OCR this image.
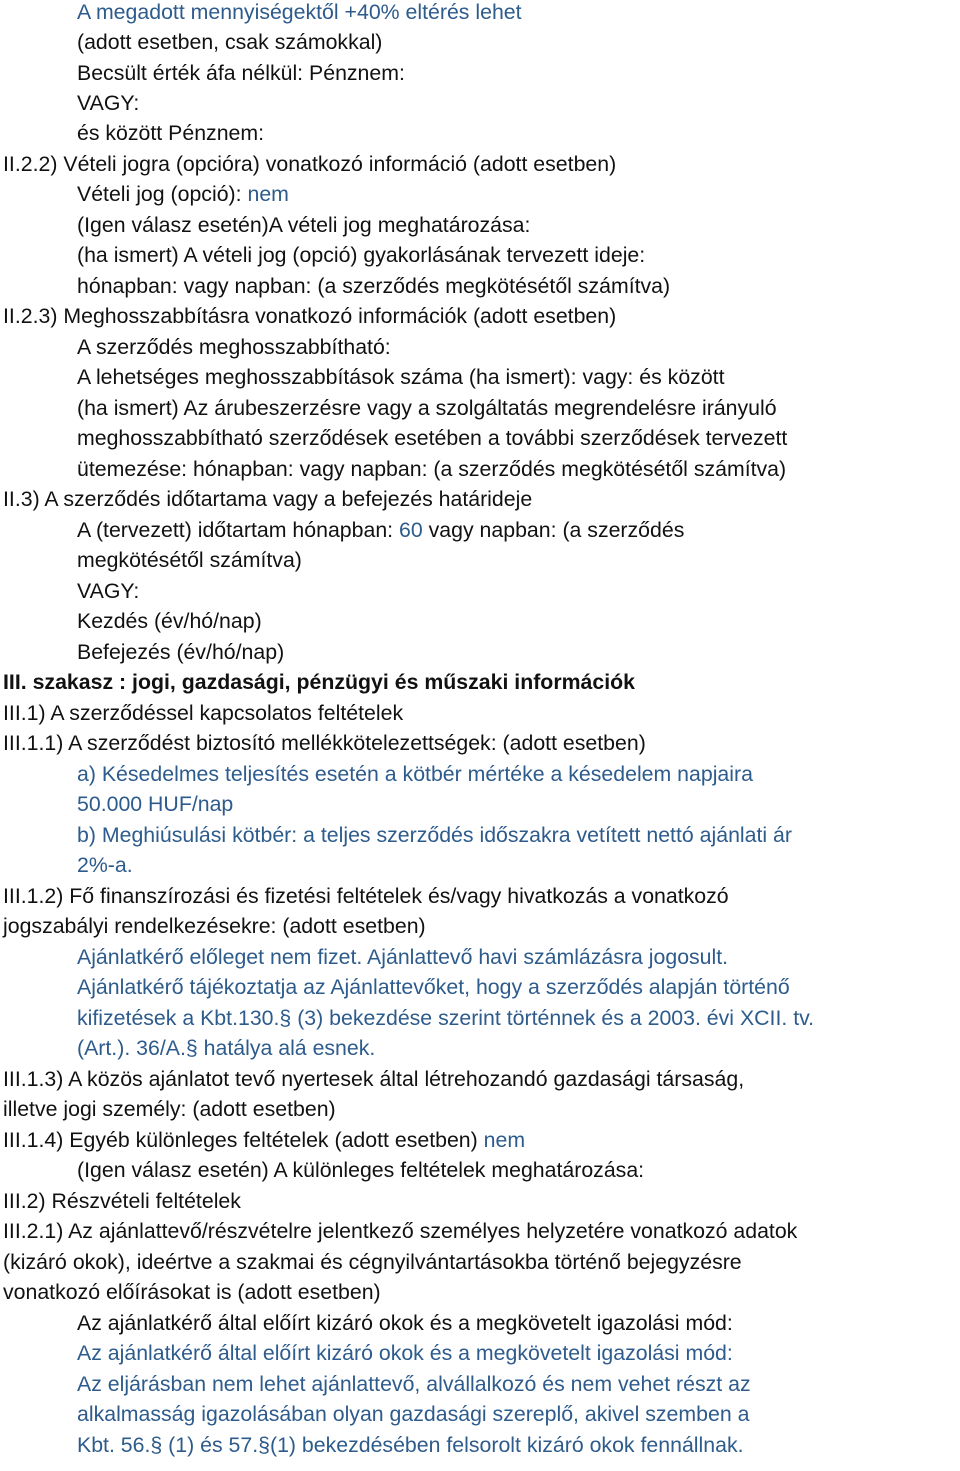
A megadott mennyiségektől +40% eltérés lehet

(adott esetben, csak számokkal)

Becsült érték áfa nélkül: Pénznem:

VAGY:

és között Pénznem:

II.2.2) Vételi jogra (opcióra) vonatkozó információ (adott esetben)

Vételi jog (opció): nem

(Igen válasz esetén)A vételi jog meghatározása:

(ha ismert) A vételi jog (opció) gyakorlásának tervezett ideje:

hónapban: vagy napban: (a szerződés megkötésétől számítva)

II.2.3) Meghosszabbításra vonatkozó információk (adott esetben)

A szerződés meghosszabbítható:

A lehetséges meghosszabbítások száma (ha ismert): vagy: és között

(ha ismert) Az árubeszerzésre vagy a szolgáltatás megrendelésre irányuló

meghosszabbítható szerződések esetében a további szerződések tervezett

ütemezése: hónapban: vagy napban: (a szerződés megkötésétől számítva)

II.3) A szerződés időtartama vagy a befejezés határideje

A (tervezett) időtartam hónapban: 60 vagy napban: (a szerződés

megkötésétől számítva)

VAGY:

Kezdés (év/hó/nap)

Befejezés (év/hó/nap)

III. szakasz : jogi, gazdasági, pénzügyi és műszaki információk

III.1) A szerződéssel kapcsolatos feltételek

III.1.1) A szerződést biztosító mellékkötelezettségek: (adott esetben)

a) Késedelmes teljesítés esetén a kötbér mértéke a késedelem napjaira

50.000 HUF/nap

b) Meghiúsulási kötbér: a teljes szerződés időszakra vetített nettó ajánlati ár

2%-a.

III.1.2) Fő finanszírozási és fizetési feltételek és/vagy hivatkozás a vonatkozó

jogszabályi rendelkezésekre: (adott esetben)

Ajánlatkérő előleget nem fizet. Ajánlattevő havi számlázásra jogosult.

Ajánlatkérő tájékoztatja az Ajánlattevőket, hogy a szerződés alapján történő

kifizetések a Kbt.130.§ (3) bekezdése szerint történnek és a 2003. évi XCII. tv.

(Art.). 36/A.§ hatálya alá esnek.

III.1.3) A közös ajánlatot tevő nyertesek által létrehozandó gazdasági társaság,

illetve jogi személy: (adott esetben)

III.1.4) Egyéb különleges feltételek (adott esetben) nem

(Igen válasz esetén) A különleges feltételek meghatározása:

III.2) Részvételi feltételek

III.2.1) Az ajánlattevő/részvételre jelentkező személyes helyzetére vonatkozó adatok

(kizáró okok), ideértve a szakmai és cégnyilvántartásokba történő bejegyzésre

vonatkozó előírásokat is (adott esetben)

Az ajánlatkérő által előírt kizáró okok és a megkövetelt igazolási mód:

Az ajánlatkérő által előírt kizáró okok és a megkövetelt igazolási mód:

Az eljárásban nem lehet ajánlattevő, alvállalkozó és nem vehet részt az

alkalmasság igazolásában olyan gazdasági szereplő, akivel szemben a

Kbt. 56.§ (1) és 57.§(1) bekezdésében felsorolt kizáró okok fennállnak.
